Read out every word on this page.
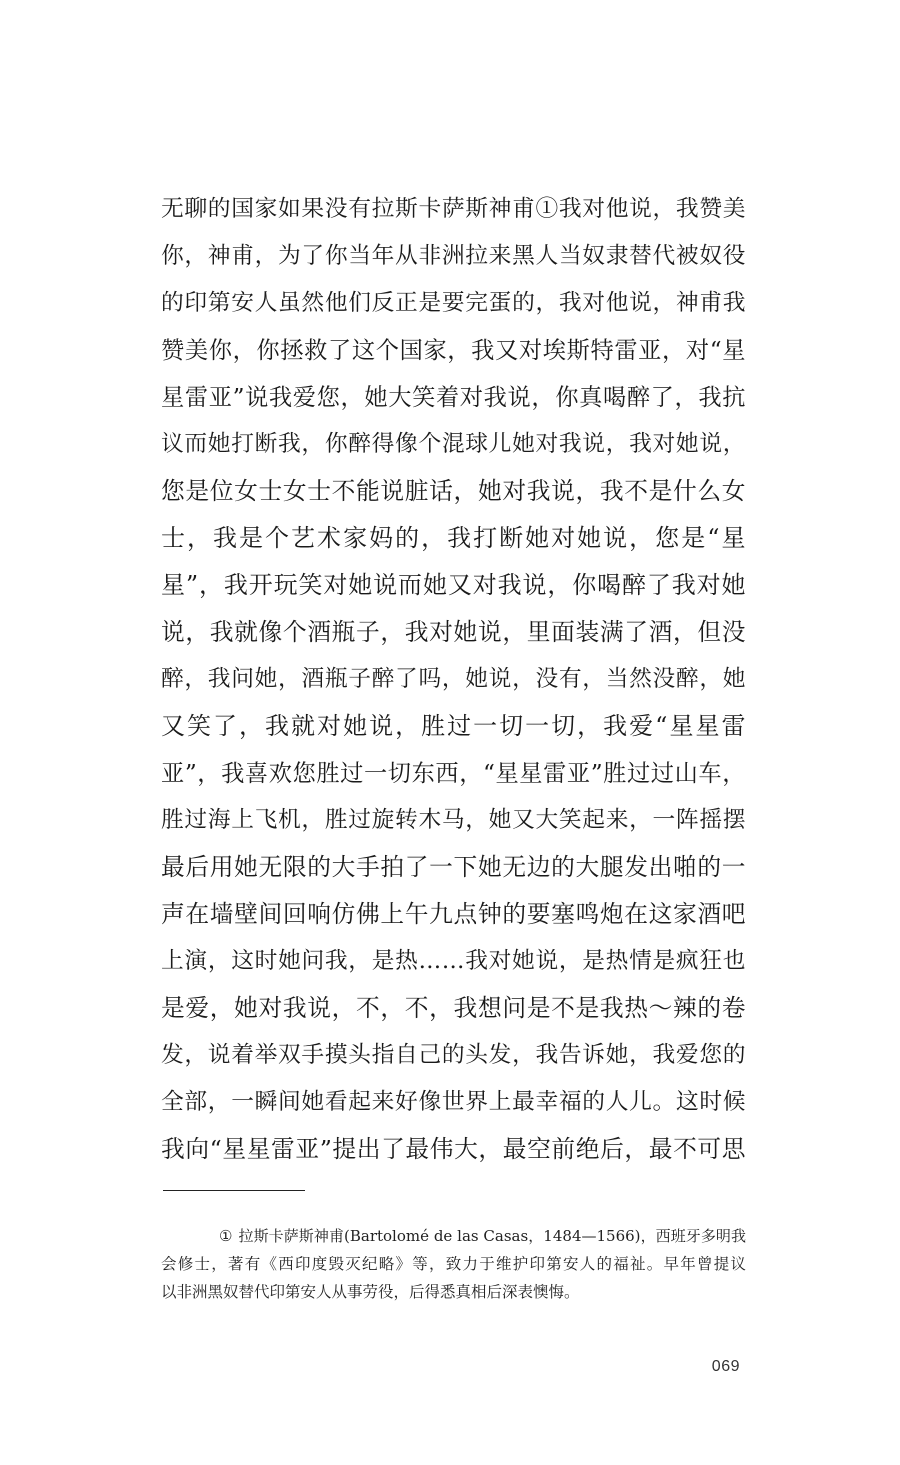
无聊的国家如果没有拉斯卡萨斯神甫①我对他说，我赞美
你，神甫，为了你当年从非洲拉来黑人当奴隶替代被奴役
的印第安人虽然他们反正是要完蛋的，我对他说，神甫我
赞美你，你拯救了这个国家，我又对埃斯特雷亚，对“星
星雷亚”说我爱您，她大笑着对我说，你真喝醉了，我抗
议而她打断我，你醉得像个混球儿她对我说，我对她说，
您是位女士女士不能说脏话，她对我说，我不是什么女
士，我是个艺术家妈的，我打断她对她说，您是“星
星”，我开玩笑对她说而她又对我说，你喝醉了我对她
说，我就像个酒瓶子，我对她说，里面装满了酒，但没
醉，我问她，酒瓶子醉了吗，她说，没有，当然没醉，她
又笑了，我就对她说，胜过一切一切，我爱“星星雷
亚”，我喜欢您胜过一切东西，“星星雷亚”胜过过山车，
胜过海上飞机，胜过旋转木马，她又大笑起来，一阵摇摆
最后用她无限的大手拍了一下她无边的大腿发出啪的一
声在墙壁间回响仿佛上午九点钟的要塞鸣炮在这家酒吧
上演，这时她问我，是热……我对她说，是热情是疯狂也
是爱，她对我说，不，不，我想问是不是我热～辣的卷
发，说着举双手摸头指自己的头发，我告诉她，我爱您的
全部，一瞬间她看起来好像世界上最幸福的人儿。这时候
我向“星星雷亚”提出了最伟大，最空前绝后，最不可思
① 拉斯卡萨斯神甫(Bartolomé de las Casas，1484—1566)，西班牙多明我
会修士，著有《西印度毁灭纪略》等，致力于维护印第安人的福祉。早年曾提议
以非洲黑奴替代印第安人从事劳役，后得悉真相后深表懊悔。
069
